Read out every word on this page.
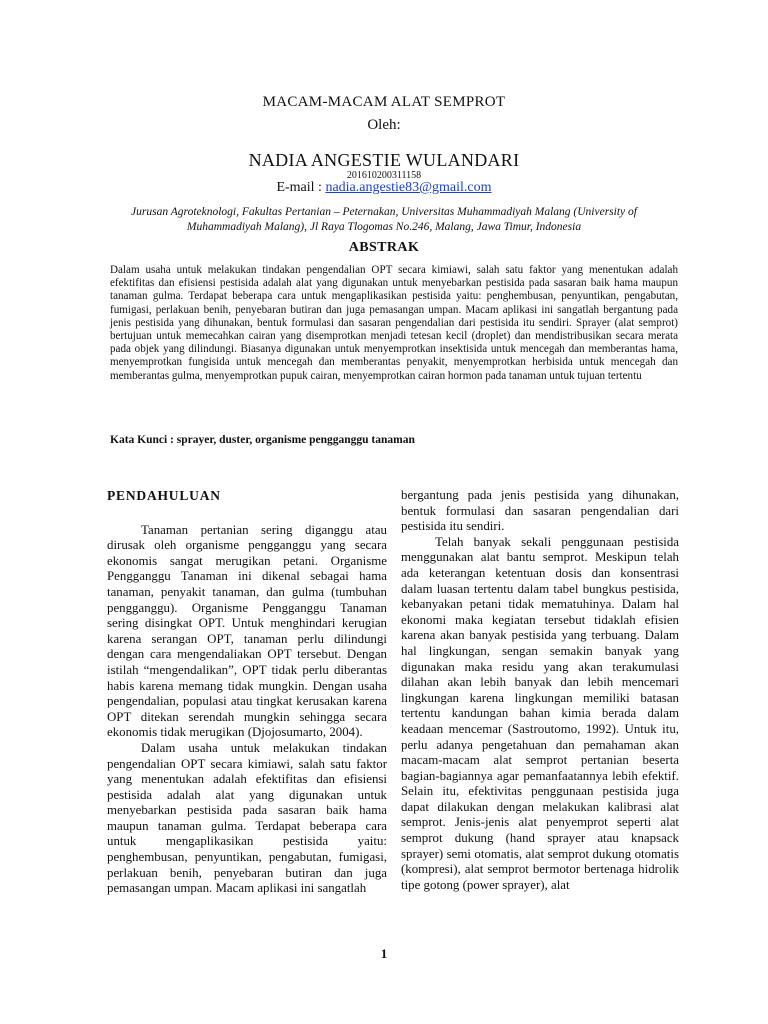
MACAM-MACAM ALAT SEMPROT
Oleh:
NADIA ANGESTIE WULANDARI
201610200311158
E-mail : nadia.angestie83@gmail.com
Jurusan Agroteknologi, Fakultas Pertanian – Peternakan, Universitas Muhammadiyah Malang (University of Muhammadiyah Malang), Jl Raya Tlogomas No.246, Malang, Jawa Timur, Indonesia
ABSTRAK
Dalam usaha untuk melakukan tindakan pengendalian OPT secara kimiawi, salah satu faktor yang menentukan adalah efektifitas dan efisiensi pestisida adalah alat yang digunakan untuk menyebarkan pestisida pada sasaran baik hama maupun tanaman gulma. Terdapat beberapa cara untuk mengaplikasikan pestisida yaitu: penghembusan, penyuntikan, pengabutan, fumigasi, perlakuan benih, penyebaran butiran dan juga pemasangan umpan. Macam aplikasi ini sangatlah bergantung pada jenis pestisida yang dihunakan, bentuk formulasi dan sasaran pengendalian dari pestisida itu sendiri. Sprayer (alat semprot) bertujuan untuk memecahkan cairan yang disemprotkan menjadi tetesan kecil (droplet) dan mendistribusikan secara merata pada objek yang dilindungi. Biasanya digunakan untuk menyemprotkan insektisida untuk mencegah dan memberantas hama, menyemprotkan fungisida untuk mencegah dan memberantas penyakit, menyemprotkan herbisida untuk mencegah dan memberantas gulma, menyemprotkan pupuk cairan, menyemprotkan cairan hormon pada tanaman untuk tujuan tertentu
Kata Kunci : sprayer, duster, organisme pengganggu tanaman
PENDAHULUAN

Tanaman pertanian sering diganggu atau dirusak oleh organisme pengganggu yang secara ekonomis sangat merugikan petani. Organisme Pengganggu Tanaman ini dikenal sebagai hama tanaman, penyakit tanaman, dan gulma (tumbuhan pengganggu). Organisme Pengganggu Tanaman sering disingkat OPT. Untuk menghindari kerugian karena serangan OPT, tanaman perlu dilindungi dengan cara mengendaliakan OPT tersebut. Dengan istilah “mengendalikan”, OPT tidak perlu diberantas habis karena memang tidak mungkin. Dengan usaha pengendalian, populasi atau tingkat kerusakan karena OPT ditekan serendah mungkin sehingga secara ekonomis tidak merugikan (Djojosumarto, 2004).

Dalam usaha untuk melakukan tindakan pengendalian OPT secara kimiawi, salah satu faktor yang menentukan adalah efektifitas dan efisiensi pestisida adalah alat yang digunakan untuk menyebarkan pestisida pada sasaran baik hama maupun tanaman gulma. Terdapat beberapa cara untuk mengaplikasikan pestisida yaitu: penghembusan, penyuntikan, pengabutan, fumigasi, perlakuan benih, penyebaran butiran dan juga pemasangan umpan. Macam aplikasi ini sangatlah

bergantung pada jenis pestisida yang dihunakan, bentuk formulasi dan sasaran pengendalian dari pestisida itu sendiri.

Telah banyak sekali penggunaan pestisida menggunakan alat bantu semprot. Meskipun telah ada keterangan ketentuan dosis dan konsentrasi dalam luasan tertentu dalam tabel bungkus pestisida, kebanyakan petani tidak mematuhinya. Dalam hal ekonomi maka kegiatan tersebut tidaklah efisien karena akan banyak pestisida yang terbuang. Dalam hal lingkungan, sengan semakin banyak yang digunakan maka residu yang akan terakumulasi dilahan akan lebih banyak dan lebih mencemari lingkungan karena lingkungan memiliki batasan tertentu kandungan bahan kimia berada dalam keadaan mencemar (Sastroutomo, 1992). Untuk itu, perlu adanya pengetahuan dan pemahaman akan macam-macam alat semprot pertanian beserta bagian-bagiannya agar pemanfaatannya lebih efektif. Selain itu, efektivitas penggunaan pestisida juga dapat dilakukan dengan melakukan kalibrasi alat semprot. Jenis-jenis alat penyemprot seperti alat semprot dukung (hand sprayer atau knapsack sprayer) semi otomatis, alat semprot dukung otomatis (kompresi), alat semprot bermotor bertenaga hidrolik tipe gotong (power sprayer), alat

1
